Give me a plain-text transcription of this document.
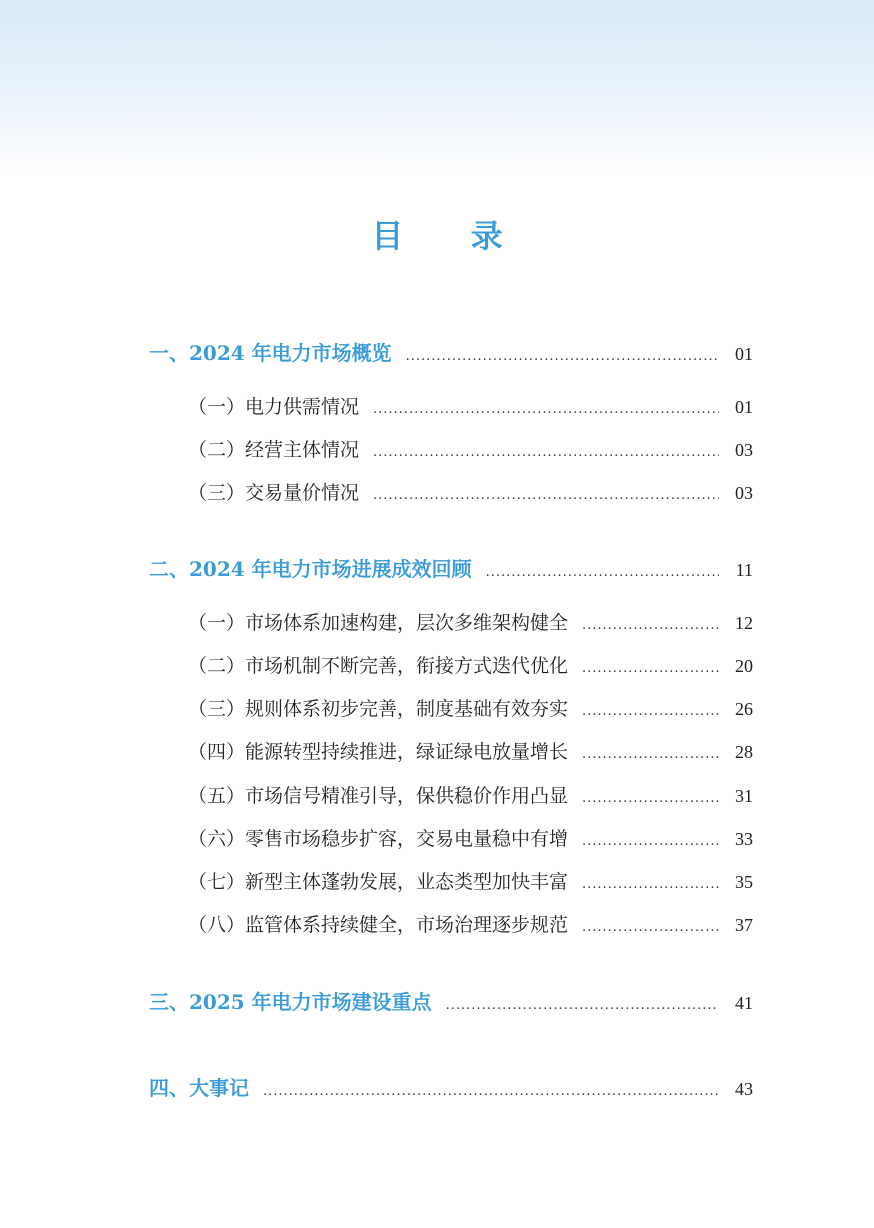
目 录
一、2024 年电力市场概览 .....	01
（一）电力供需情况 .....	01
（二）经营主体情况 .....	03
（三）交易量价情况 .....	03
二、2024 年电力市场进展成效回顾 .....	11
（一）市场体系加速构建，层次多维架构健全 .....	12
（二）市场机制不断完善，衔接方式迭代优化 .....	20
（三）规则体系初步完善，制度基础有效夯实 .....	26
（四）能源转型持续推进，绿证绿电放量增长 .....	28
（五）市场信号精准引导，保供稳价作用凸显 .....	31
（六）零售市场稳步扩容，交易电量稳中有增 .....	33
（七）新型主体蓬勃发展，业态类型加快丰富 .....	35
（八）监管体系持续健全，市场治理逐步规范 .....	37
三、2025 年电力市场建设重点 .....	41
四、大事记 .....	43
